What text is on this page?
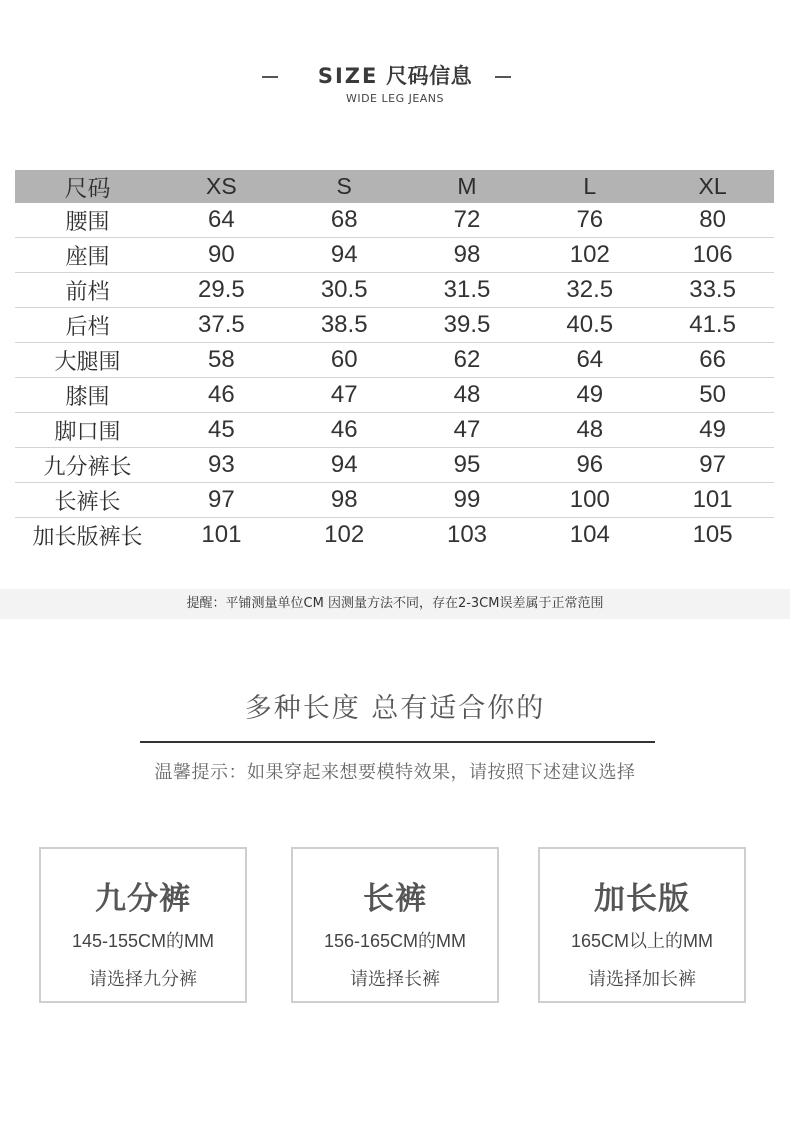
SIZE 尺码信息
WIDE LEG JEANS
尺码	XS	S	M	L	XL
腰围	64	68	72	76	80
座围	90	94	98	102	106
前档	29.5	30.5	31.5	32.5	33.5
后档	37.5	38.5	39.5	40.5	41.5
大腿围	58	60	62	64	66
膝围	46	47	48	49	50
脚口围	45	46	47	48	49
九分裤长	93	94	95	96	97
长裤长	97	98	99	100	101
加长版裤长	101	102	103	104	105
提醒：平铺测量单位CM 因测量方法不同，存在2-3CM误差属于正常范围
多种长度 总有适合你的
温馨提示：如果穿起来想要模特效果，请按照下述建议选择
九分裤
145-155CM的MM
请选择九分裤
长裤
156-165CM的MM
请选择长裤
加长版
165CM以上的MM
请选择加长裤
